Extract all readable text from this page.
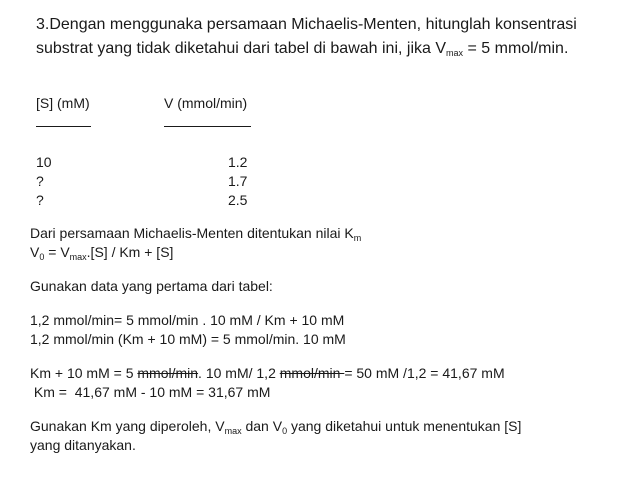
3.Dengan menggunaka persamaan Michaelis-Menten, hitunglah konsentrasi
substrat yang tidak diketahui dari tabel di bawah ini, jika $V_{max} = 5$ mmol/min.
[S] (mM)	V (mmol/min)
10	1.2
?	1.7
?	2.5
Dari persamaan Michaelis-Menten ditentukan nilai $K_m$
$V_0 = V_{max}.[S] / Km + [S]$
Gunakan data yang pertama dari tabel:
1,2 mmol/min= 5 mmol/min . 10 mM / Km + 10 mM
1,2 mmol/min (Km + 10 mM) = 5 mmol/min. 10 mM
Km + 10 mM = 5 mmol/min. 10 mM/ 1,2 mmol/min = 50 mM /1,2 = 41,67 mM
Km =  41,67 mM - 10 mM = 31,67 mM
Gunakan Km yang diperoleh, $V_{max}$ dan $V_0$ yang diketahui untuk menentukan [S]
yang ditanyakan.
